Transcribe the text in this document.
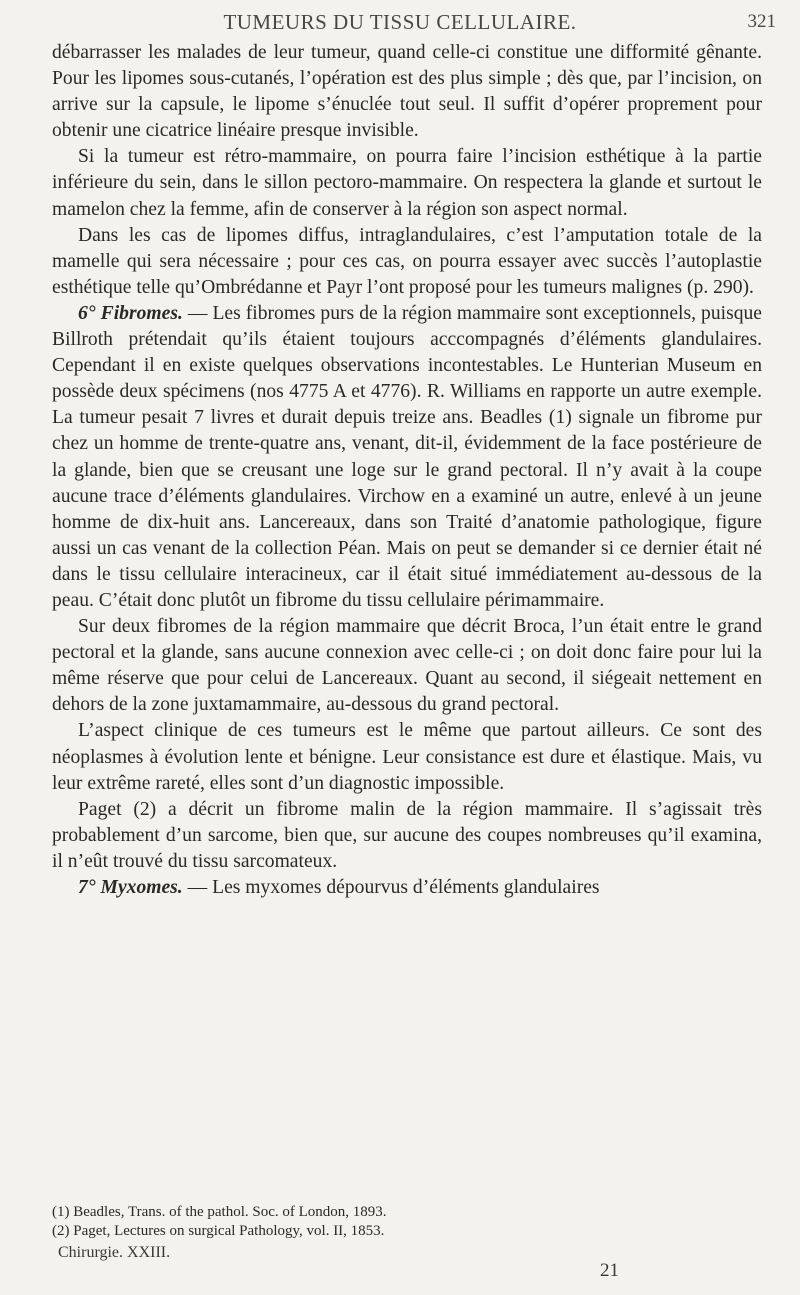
TUMEURS DU TISSU CELLULAIRE.	321

débarrasser les malades de leur tumeur, quand celle-ci constitue une difformité gênante. Pour les lipomes sous-cutanés, l’opération est des plus simple ; dès que, par l’incision, on arrive sur la capsule, le lipome s’énuclée tout seul. Il suffit d’opérer proprement pour obtenir une cicatrice linéaire presque invisible.

Si la tumeur est rétro-mammaire, on pourra faire l’incision esthétique à la partie inférieure du sein, dans le sillon pectoro-mammaire. On respectera la glande et surtout le mamelon chez la femme, afin de conserver à la région son aspect normal.

Dans les cas de lipomes diffus, intraglandulaires, c’est l’amputation totale de la mamelle qui sera nécessaire ; pour ces cas, on pourra essayer avec succès l’autoplastie esthétique telle qu’Ombrédanne et Payr l’ont proposé pour les tumeurs malignes (p. 290).

6° Fibromes. — Les fibromes purs de la région mammaire sont exceptionnels, puisque Billroth prétendait qu’ils étaient toujours acccompagnés d’éléments glandulaires. Cependant il en existe quelques observations incontestables. Le Hunterian Museum en possède deux spécimens (nos 4775 A et 4776). R. Williams en rapporte un autre exemple. La tumeur pesait 7 livres et durait depuis treize ans. Beadles (1) signale un fibrome pur chez un homme de trente-quatre ans, venant, dit-il, évidemment de la face postérieure de la glande, bien que se creusant une loge sur le grand pectoral. Il n’y avait à la coupe aucune trace d’éléments glandulaires. Virchow en a examiné un autre, enlevé à un jeune homme de dix-huit ans. Lancereaux, dans son Traité d’anatomie pathologique, figure aussi un cas venant de la collection Péan. Mais on peut se demander si ce dernier était né dans le tissu cellulaire interacineux, car il était situé immédiatement au-dessous de la peau. C’était donc plutôt un fibrome du tissu cellulaire périmammaire.

Sur deux fibromes de la région mammaire que décrit Broca, l’un était entre le grand pectoral et la glande, sans aucune connexion avec celle-ci ; on doit donc faire pour lui la même réserve que pour celui de Lancereaux. Quant au second, il siégeait nettement en dehors de la zone juxtamammaire, au-dessous du grand pectoral.

L’aspect clinique de ces tumeurs est le même que partout ailleurs. Ce sont des néoplasmes à évolution lente et bénigne. Leur consistance est dure et élastique. Mais, vu leur extrême rareté, elles sont d’un diagnostic impossible.

Paget (2) a décrit un fibrome malin de la région mammaire. Il s’agissait très probablement d’un sarcome, bien que, sur aucune des coupes nombreuses qu’il examina, il n’eût trouvé du tissu sarcomateux.

7° Myxomes. — Les myxomes dépourvus d’éléments glandulaires

(1) Beadles, Trans. of the pathol. Soc. of London, 1893.

(2) Paget, Lectures on surgical Pathology, vol. II, 1853.

Chirurgie. XXIII.
21
